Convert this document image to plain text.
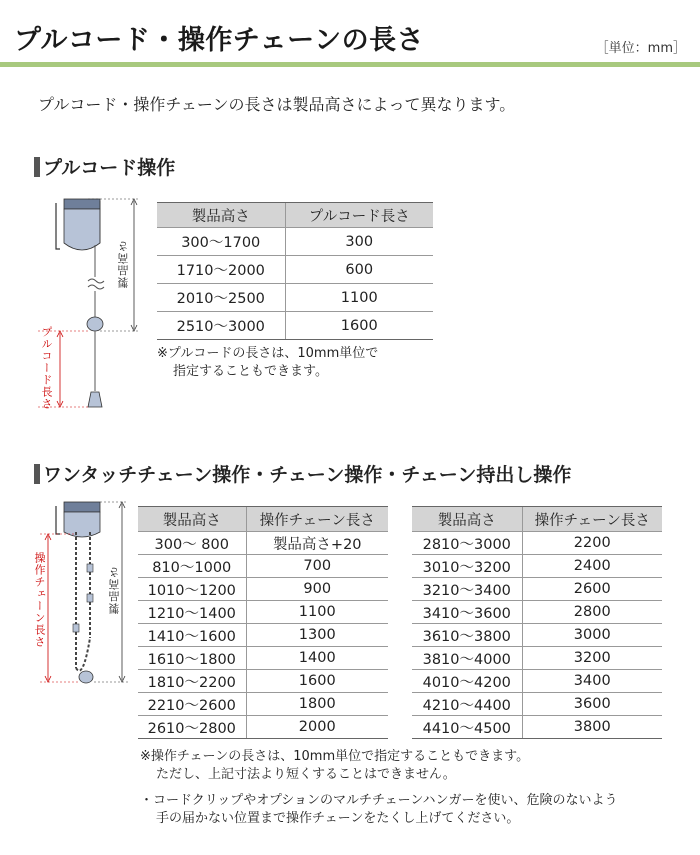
プルコード・操作チェーンの長さ	［単位：mm］
プルコード・操作チェーンの長さは製品高さによって異なります。
プルコード操作
製品高さ
プルコード長さ
製品高さ	プルコード長さ
300～1700	300
1710～2000	600
2010～2500	1100
2510～3000	1600
※プルコードの長さは、10mm単位で
指定することもできます。
ワンタッチチェーン操作・チェーン操作・チェーン持出し操作
操作チェーン長さ	製品高さ
製品高さ	操作チェーン長さ
300～ 800	製品高さ+20
810～1000	700
1010～1200	900
1210～1400	1100
1410～1600	1300
1610～1800	1400
1810～2200	1600
2210～2600	1800
2610～2800	2000
製品高さ	操作チェーン長さ
2810～3000	2200
3010～3200	2400
3210～3400	2600
3410～3600	2800
3610～3800	3000
3810～4000	3200
4010～4200	3400
4210～4400	3600
4410～4500	3800
※操作チェーンの長さは、10mm単位で指定することもできます。
ただし、上記寸法より短くすることはできません。
・コードクリップやオプションのマルチチェーンハンガーを使い、危険のないよう
手の届かない位置まで操作チェーンをたくし上げてください。
